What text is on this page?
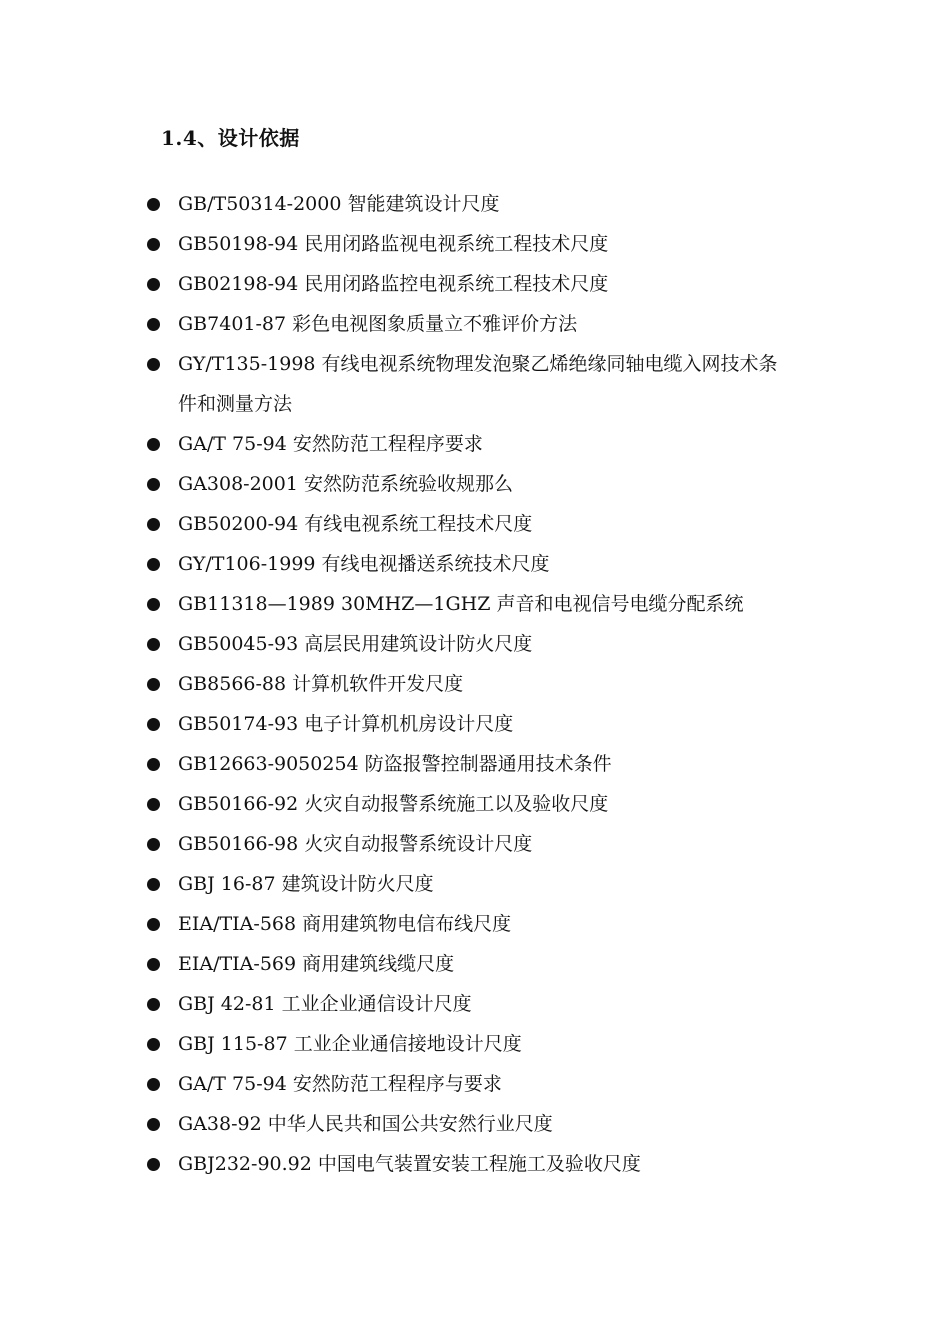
1.4、设计依据
GB/T50314-2000 智能建筑设计尺度
GB50198-94 民用闭路监视电视系统工程技术尺度
GB02198-94 民用闭路监控电视系统工程技术尺度
GB7401-87 彩色电视图象质量立不雅评价方法
GY/T135-1998 有线电视系统物理发泡聚乙烯绝缘同轴电缆入网技术条件和测量方法
GA/T 75-94 安然防范工程程序要求
GA308-2001 安然防范系统验收规那么
GB50200-94 有线电视系统工程技术尺度
GY/T106-1999 有线电视播送系统技术尺度
GB11318—1989 30MHZ—1GHZ 声音和电视信号电缆分配系统
GB50045-93 高层民用建筑设计防火尺度
GB8566-88 计算机软件开发尺度
GB50174-93 电子计算机机房设计尺度
GB12663-9050254 防盗报警控制器通用技术条件
GB50166-92 火灾自动报警系统施工以及验收尺度
GB50166-98 火灾自动报警系统设计尺度
GBJ 16-87 建筑设计防火尺度
EIA/TIA-568 商用建筑物电信布线尺度
EIA/TIA-569 商用建筑线缆尺度
GBJ 42-81 工业企业通信设计尺度
GBJ 115-87 工业企业通信接地设计尺度
GA/T 75-94 安然防范工程程序与要求
GA38-92 中华人民共和国公共安然行业尺度
GBJ232-90.92 中国电气装置安装工程施工及验收尺度
